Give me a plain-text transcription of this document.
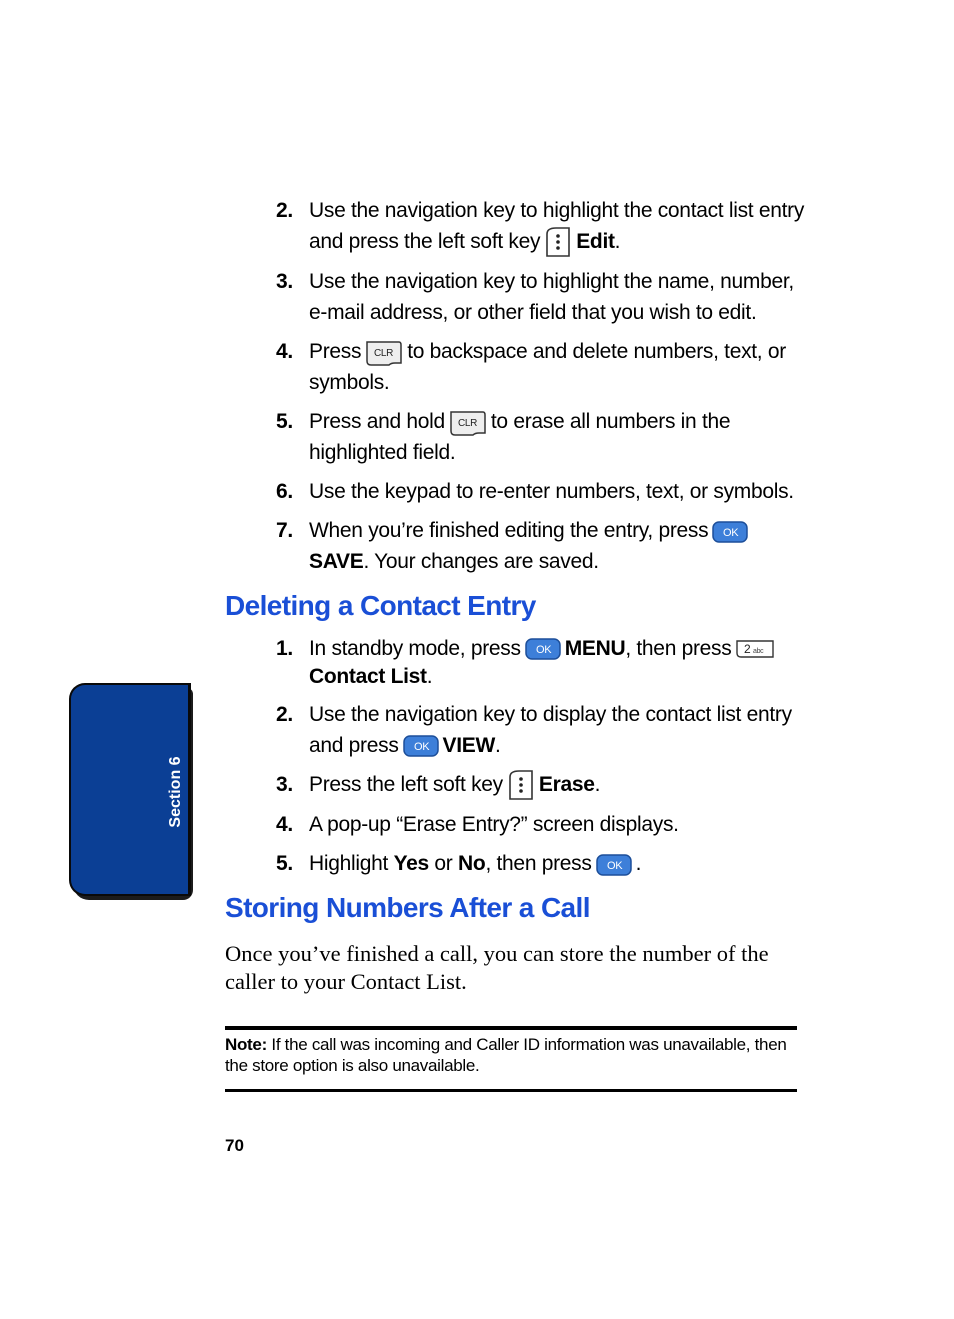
Section 6
2. Use the navigation key to highlight the contact list entry and press the left soft key Edit.
3. Use the navigation key to highlight the name, number, e-mail address, or other field that you wish to edit.
4. Press CLR to backspace and delete numbers, text, or symbols.
5. Press and hold CLR to erase all numbers in the highlighted field.
6. Use the keypad to re-enter numbers, text, or symbols.
7. When you’re finished editing the entry, press OK
SAVE. Your changes are saved.
Deleting a Contact Entry
1. In standby mode, press OK MENU, then press 2 abc

Contact List.
2. Use the navigation key to display the contact list entry and press OK VIEW.
3. Press the left soft key Erase.
4. A pop-up “Erase Entry?” screen displays.
5. Highlight Yes or No, then press OK .
Storing Numbers After a Call

Once you’ve finished a call, you can store the number of the caller to your Contact List.

Note: If the call was incoming and Caller ID information was unavailable, then the store option is also unavailable.
70
